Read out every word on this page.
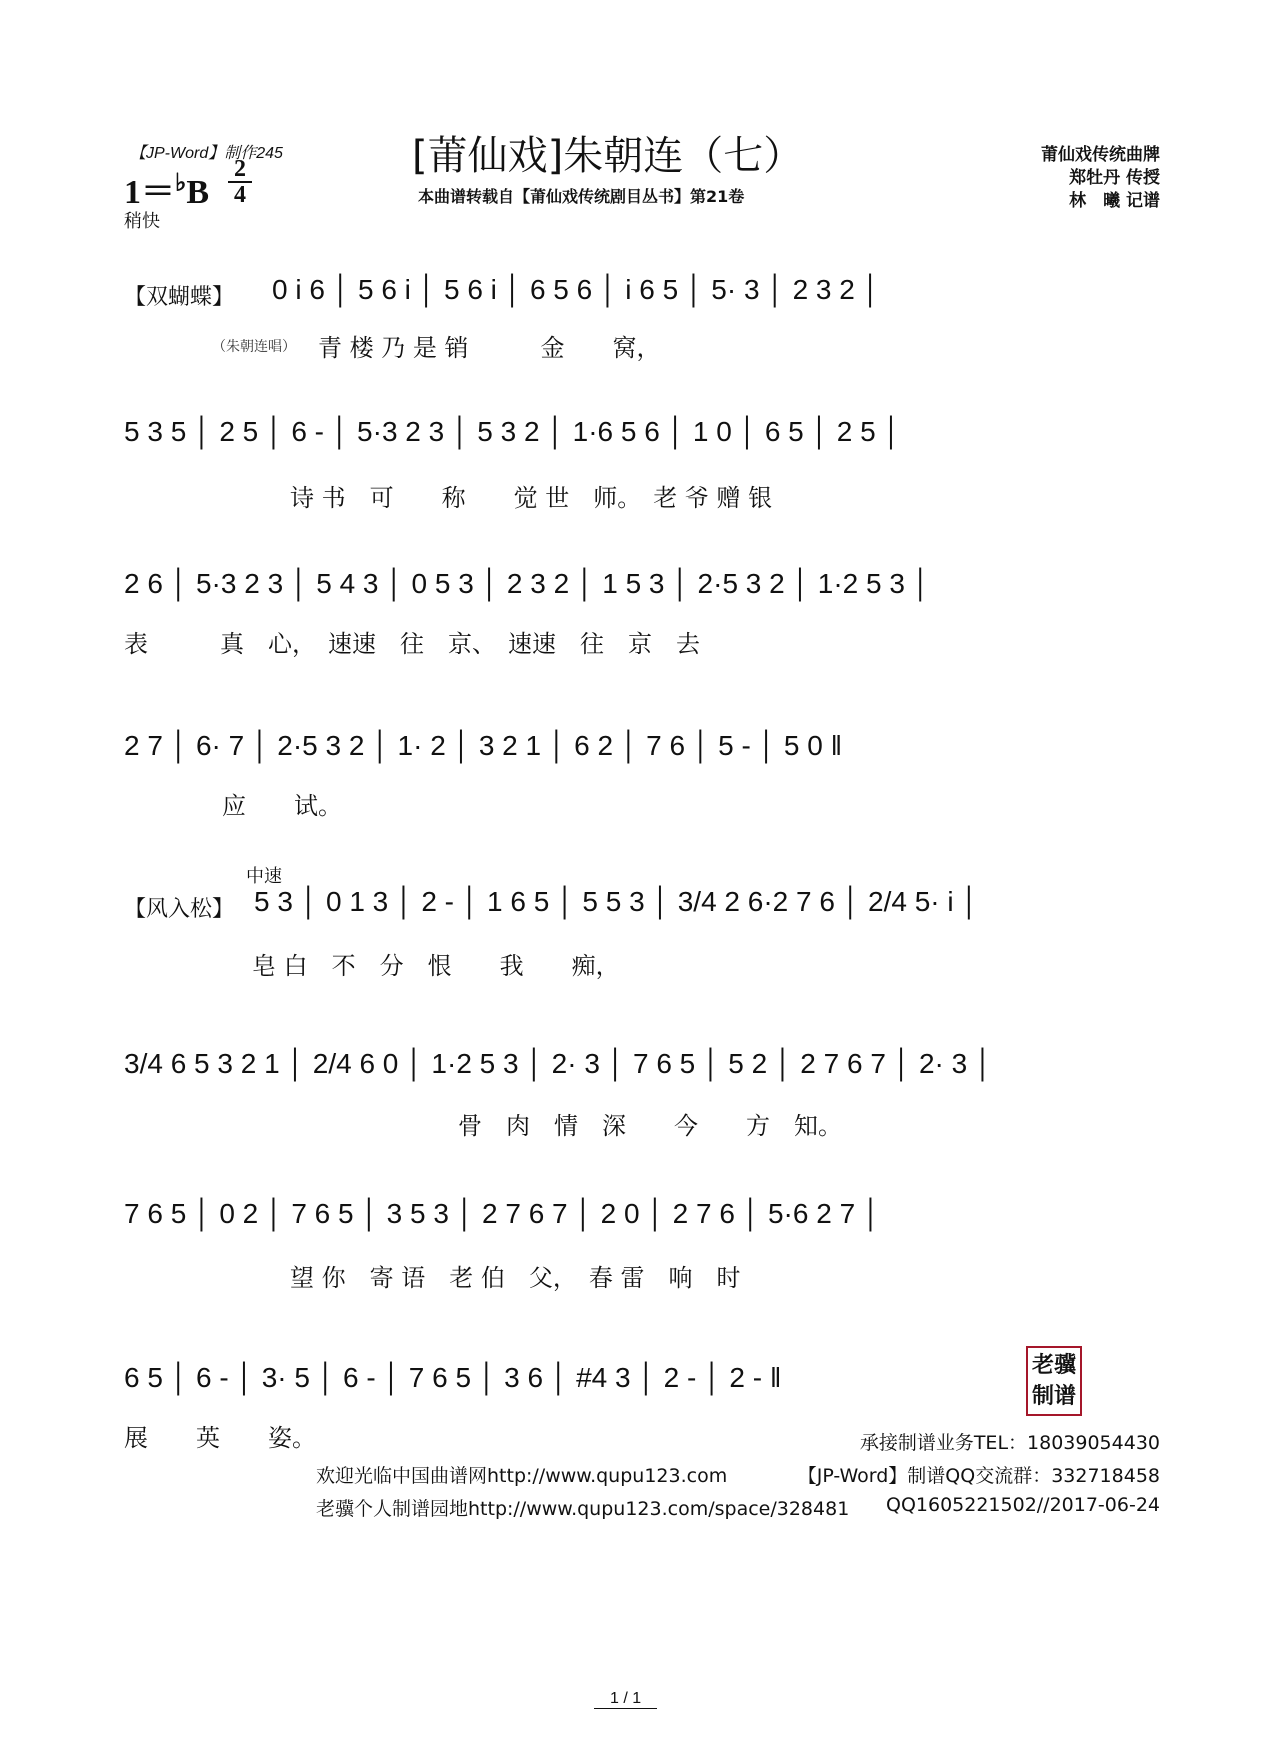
【JP-Word】制作245
1＝♭B
2
4
稍快
[莆仙戏]朱朝连（七）
本曲谱转载自【莆仙戏传统剧目丛书】第21卷
莆仙戏传统曲牌
郑牡丹 传授
林　曦 记谱
【双蝴蝶】 0 i 6 │ 5 6 i │ 5 6 i │ 6 5 6 │ i 6 5 │ 5· 3 │ 2 3 2 │
（朱朝连唱） 青 楼 乃 是 销　　　金　　窝，
5 3 5 │ 2 5 │ 6 - │ 5·3 2 3 │ 5 3 2 │ 1·6 5 6 │ 1 0 │ 6 5 │ 2 5 │
诗 书　可　　称　　觉 世　师。　老 爷 赠 银
2 6 │ 5·3 2 3 │ 5 4 3 │ 0 5 3 │ 2 3 2 │ 1 5 3 │ 2·5 3 2 │ 1·2 5 3 │
表　　　真　心，　速速　往　京、　速速　往　京　去
2 7 │ 6· 7 │ 2·5 3 2 │ 1· 2 │ 3 2 1 │ 6 2 │ 7 6 │ 5 - │ 5 0 ‖
应　　试。
中速
【风入松】 5 3 │ 0 1 3 │ 2 - │ 1 6 5 │ 5 5 3 │ 3/4 2 6·2 7 6 │ 2/4 5· i │
皂 白　不　分　恨　　我　　痴，
3/4 6 5 3 2 1 │ 2/4 6 0 │ 1·2 5 3 │ 2· 3 │ 7 6 5 │ 5 2 │ 2 7 6 7 │ 2· 3 │
骨　肉　情　深　　今　　方　知。
7 6 5 │ 0 2 │ 7 6 5 │ 3 5 3 │ 2 7 6 7 │ 2 0 │ 2 7 6 │ 5·6 2 7 │
望 你　寄 语　老 伯　父，　春 雷　响　时
6 5 │ 6 - │ 3· 5 │ 6 - │ 7 6 5 │ 3 6 │ #4 3 │ 2 - │ 2 - ‖
展　　英　　姿。
老骥
制谱
承接制谱业务TEL：18039054430
欢迎光临中国曲谱网http://www.qupu123.com	【JP-Word】制谱QQ交流群：332718458
老骥个人制谱园地http://www.qupu123.com/space/328481 QQ1605221502//2017-06-24
1 / 1
